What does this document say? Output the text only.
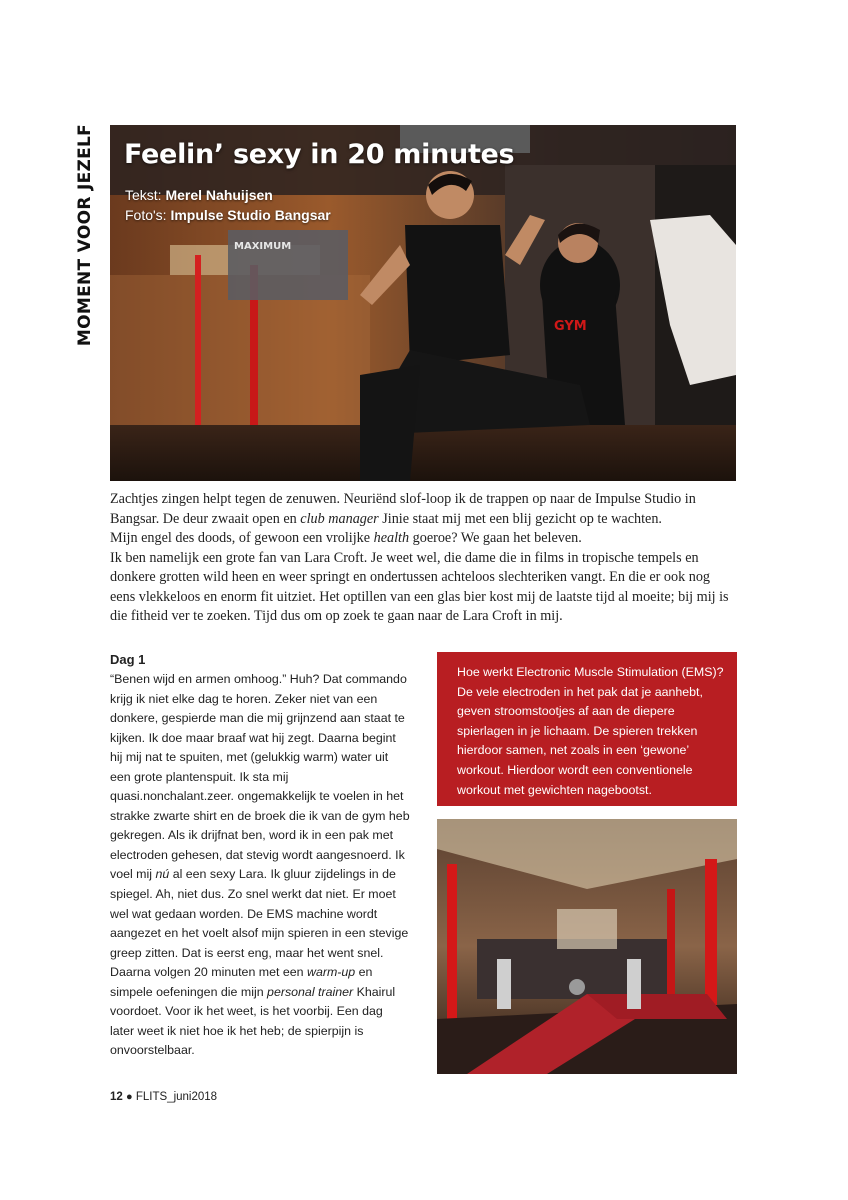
MOMENT VOOR JEZELF	MAXIMUM
GYM
Feelin’ sexy in 20 minutes
Tekst: Merel Nahuijsen
Foto's: Impulse Studio Bangsar

Zachtjes zingen helpt tegen de zenuwen. Neuriënd slof-loop ik de trappen op naar de Impulse Studio in Bangsar. De deur zwaait open en club manager Jinie staat mij met een blij gezicht op te wachten.

Mijn engel des doods, of gewoon een vrolijke health goeroe? We gaan het beleven.

Ik ben namelijk een grote fan van Lara Croft. Je weet wel, die dame die in films in tropische tempels en donkere grotten wild heen en weer springt en ondertussen achteloos slechteriken vangt. En die er ook nog eens vlekkeloos en enorm fit uitziet. Het optillen van een glas bier kost mij de laatste tijd al moeite; bij mij is die fitheid ver te zoeken. Tijd dus om op zoek te gaan naar de Lara Croft in mij.

Dag 1

“Benen wijd en armen omhoog.” Huh? Dat commando krijg ik niet elke dag te horen. Zeker niet van een donkere, gespierde man die mij grijnzend aan staat te kijken. Ik doe maar braaf wat hij zegt. Daarna begint hij mij nat te spuiten, met (gelukkig warm) water uit een grote plantenspuit. Ik sta mij quasi.nonchalant.zeer. ongemakkelijk te voelen in het strakke zwarte shirt en de broek die ik van de gym heb gekregen. Als ik drijfnat ben, word ik in een pak met electroden gehesen, dat stevig wordt aangesnoerd. Ik voel mij nú al een sexy Lara. Ik gluur zijdelings in de spiegel. Ah, niet dus. Zo snel werkt dat niet. Er moet wel wat gedaan worden. De EMS machine wordt aangezet en het voelt alsof mijn spieren in een stevige greep zitten. Dat is eerst eng, maar het went snel. Daarna volgen 20 minuten met een warm-up en simpele oefeningen die mijn personal trainer Khairul voordoet. Voor ik het weet, is het voorbij. Een dag later weet ik niet hoe ik het heb; de spierpijn is onvoorstelbaar.

Hoe werkt Electronic Muscle Stimulation (EMS)? De vele electroden in het pak dat je aanhebt, geven stroomstootjes af aan de diepere spierlagen in je lichaam. De spieren trekken hierdoor samen, net zoals in een ‘gewone’ workout. Hierdoor wordt een conventionele workout met gewichten nagebootst.

12 ● FLITS_juni2018
